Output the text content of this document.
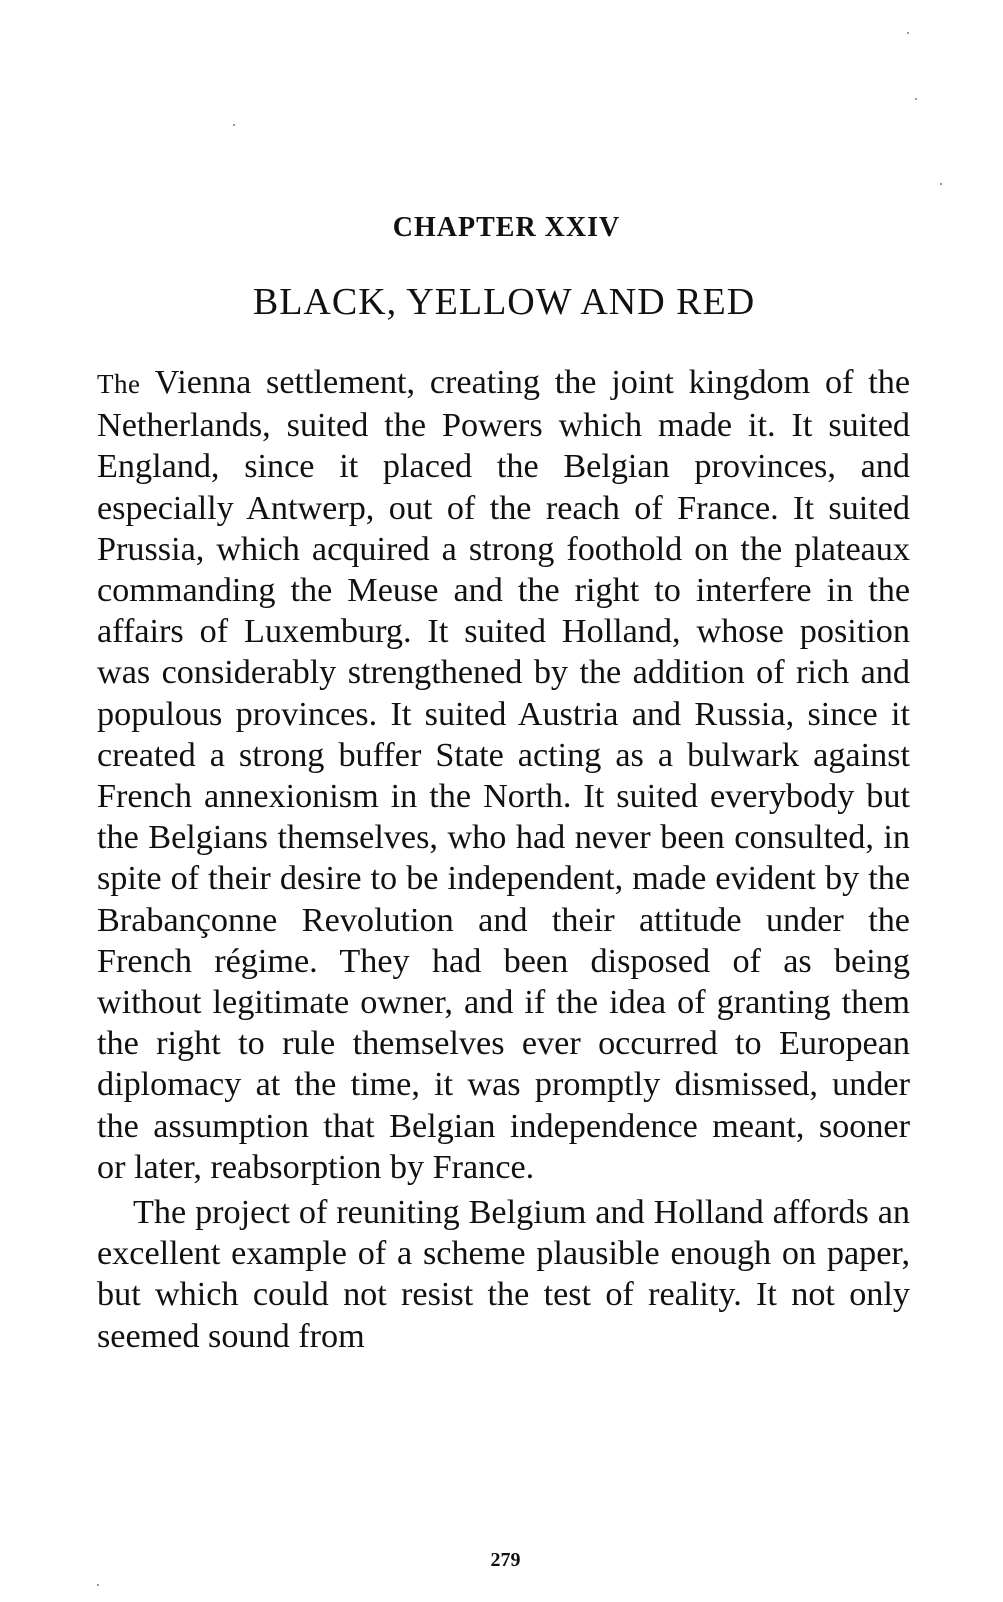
CHAPTER XXIV
BLACK, YELLOW AND RED

The Vienna settlement, creating the joint kingdom of the Netherlands, suited the Powers which made it. It suited England, since it placed the Belgian provinces, and especially Antwerp, out of the reach of France. It suited Prussia, which acquired a strong foothold on the plateaux commanding the Meuse and the right to interfere in the affairs of Luxemburg. It suited Holland, whose position was considerably strengthened by the addition of rich and populous provinces. It suited Austria and Russia, since it created a strong buffer State acting as a bulwark against French annexionism in the North. It suited everybody but the Belgians themselves, who had never been consulted, in spite of their desire to be independent, made evident by the Brabançonne Revolution and their attitude under the French régime. They had been disposed of as being without legitimate owner, and if the idea of granting them the right to rule themselves ever occurred to European diplomacy at the time, it was promptly dismissed, under the assumption that Belgian independence meant, sooner or later, reabsorption by France.

The project of reuniting Belgium and Holland affords an excellent example of a scheme plausible enough on paper, but which could not resist the test of reality. It not only seemed sound from

279
